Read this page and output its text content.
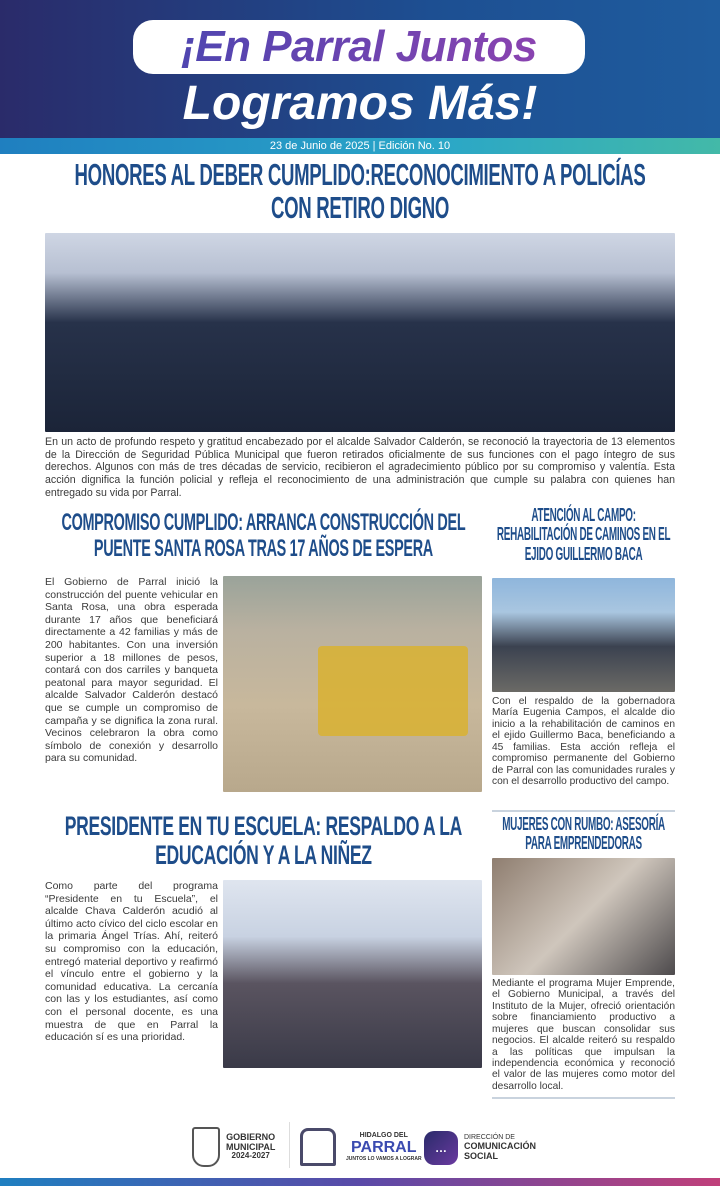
¡En Parral Juntos
Logramos Más!
23 de Junio de 2025 | Edición No. 10
HONORES AL DEBER CUMPLIDO:RECONOCIMIENTO A POLICÍAS CON RETIRO DIGNO
En un acto de profundo respeto y gratitud encabezado por el alcalde Salvador Calderón, se reconoció la trayectoria de 13 elementos de la Dirección de Seguridad Pública Municipal que fueron retirados oficialmente de sus funciones con el pago íntegro de sus derechos. Algunos con más de tres décadas de servicio, recibieron el agradecimiento público por su compromiso y valentía. Esta acción dignifica la función policial y refleja el reconocimiento de una administración que cumple su palabra con quienes han entregado su vida por Parral.
COMPROMISO CUMPLIDO: ARRANCA CONSTRUCCIÓN DEL PUENTE SANTA ROSA TRAS 17 AÑOS DE ESPERA
El Gobierno de Parral inició la construcción del puente vehicular en Santa Rosa, una obra esperada durante 17 años que beneficiará directamente a 42 familias y más de 200 habitantes. Con una inversión superior a 18 millones de pesos, contará con dos carriles y banqueta peatonal para mayor seguridad. El alcalde Salvador Calderón destacó que se cumple un compromiso de campaña y se dignifica la zona rural. Vecinos celebraron la obra como símbolo de conexión y desarrollo para su comunidad.
ATENCIÓN AL CAMPO: REHABILITACIÓN DE CAMINOS EN EL EJIDO GUILLERMO BACA
Con el respaldo de la gobernadora María Eugenia Campos, el alcalde dio inicio a la rehabilitación de caminos en el ejido Guillermo Baca, beneficiando a 45 familias. Esta acción refleja el compromiso permanente del Gobierno de Parral con las comunidades rurales y con el desarrollo productivo del campo.
MUJERES CON RUMBO: ASESORÍA PARA EMPRENDEDORAS
Mediante el programa Mujer Emprende, el Gobierno Municipal, a través del Instituto de la Mujer, ofreció orientación sobre financiamiento productivo a mujeres que buscan consolidar sus negocios. El alcalde reiteró su respaldo a las políticas que impulsan la independencia económica y reconoció el valor de las mujeres como motor del desarrollo local.
PRESIDENTE EN TU ESCUELA: RESPALDO A LA EDUCACIÓN Y A LA NIÑEZ
Como parte del programa “Presidente en tu Escuela”, el alcalde Chava Calderón acudió al último acto cívico del ciclo escolar en la primaria Ángel Trías. Ahí, reiteró su compromiso con la educación, entregó material deportivo y reafirmó el vínculo entre el gobierno y la comunidad educativa. La cercanía con las y los estudiantes, así como con el personal docente, es una muestra de que en Parral la educación sí es una prioridad.
GOBIERNO
MUNICIPAL
2024-2027
HIDALGO DEL
PARRAL
JUNTOS LO VAMOS A LOGRAR
…
DIRECCIÓN DE
COMUNICACIÓN
SOCIAL
